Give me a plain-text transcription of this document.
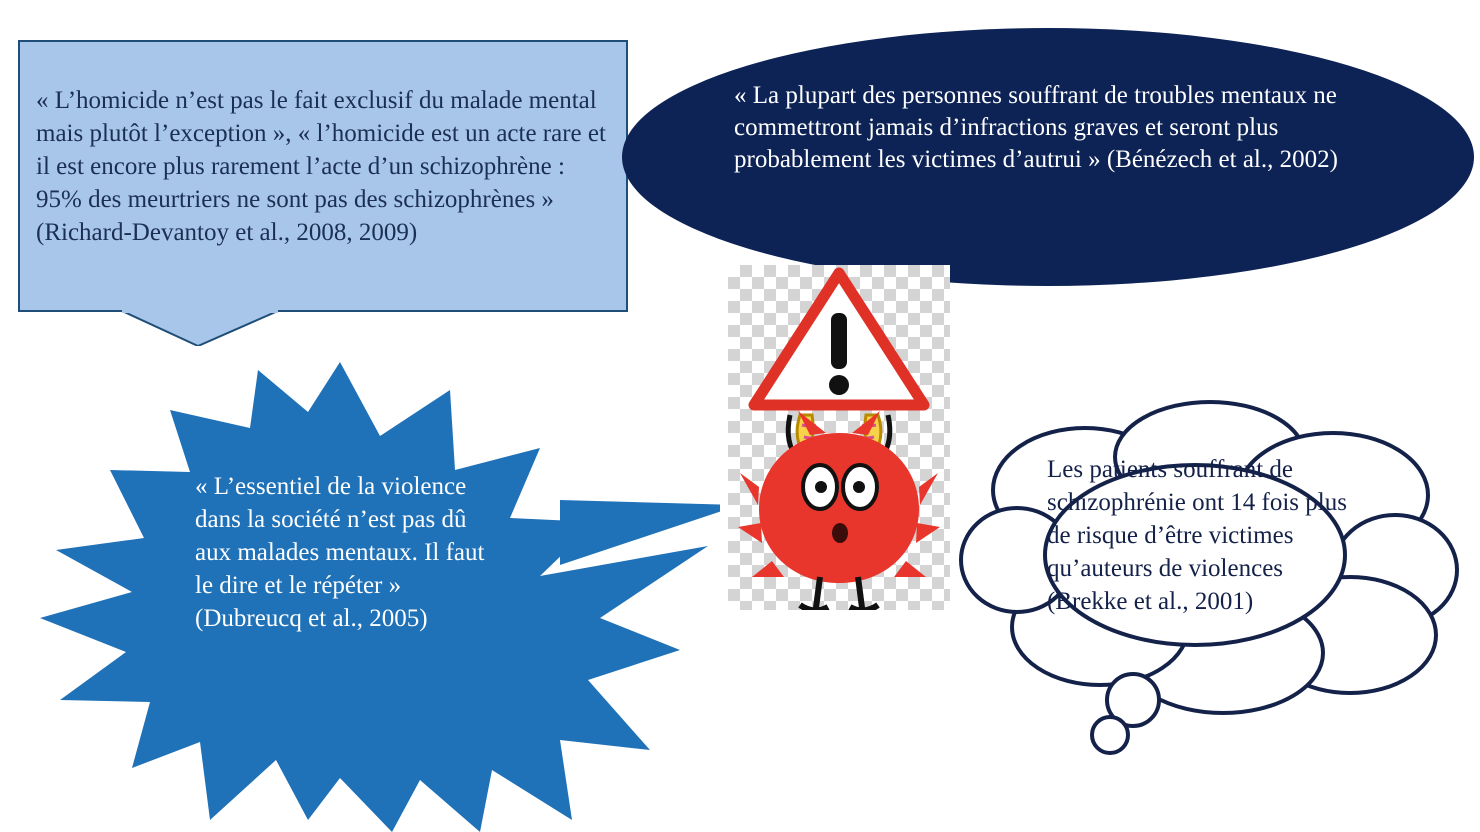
« L’homicide n’est pas le fait exclusif du malade mental mais plutôt l’exception », « l’homicide est un acte rare et il est encore plus rarement l’acte d’un schizophrène : 95% des meurtriers ne sont pas des schizophrènes » (Richard-Devantoy et al., 2008, 2009)
« La plupart des personnes souffrant de troubles mentaux ne commettront jamais d’infractions graves et seront plus probablement les victimes d’autrui » (Bénézech et al., 2002)
« L’essentiel de la violence dans la société n’est pas dû aux malades mentaux. Il faut le dire et le répéter » (Dubreucq et al., 2005)
Les patients souffrant de schizophrénie ont 14 fois plus de risque d’être victimes qu’auteurs de violences (Brekke et al., 2001)
